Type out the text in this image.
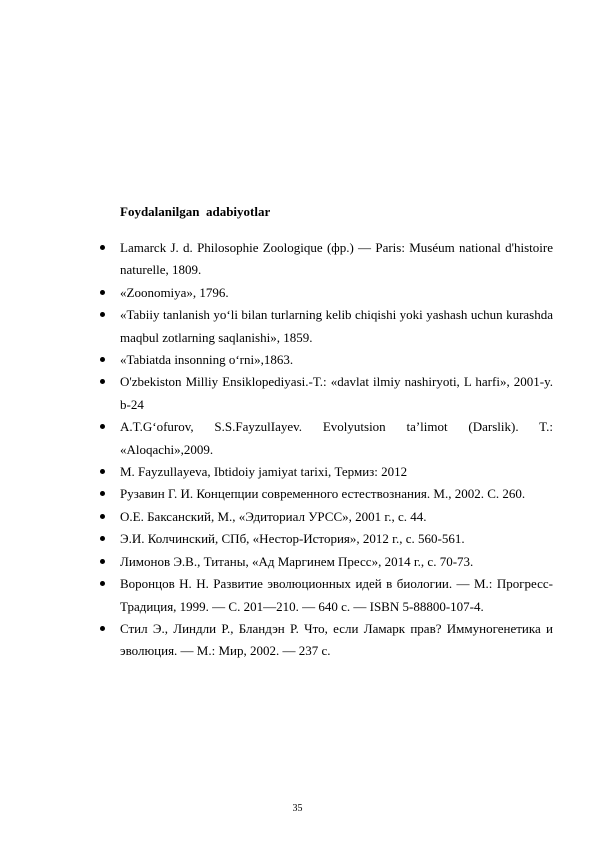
Foydalanilgan  adabiyotlar
Lamarck J. d. Philosophie Zoologique (фр.) — Paris: Muséum national d'histoire naturelle, 1809.
«Zoonomiya», 1796.
«Tabiiy tanlanish yo‘li bilan turlarning kelib chiqishi yoki yashash uchun kurashda maqbul zotlarning saqlanishi», 1859.
«Tabiatda insonning o‘rni»,1863.
O'zbekiston Milliy Ensiklopediyasi.-T.: «davlat ilmiy nashiryoti, L harfi», 2001-y. b-24
A.T.G‘ofurov, S.S.FayzulIayev. Evolyutsion ta’limot (Darslik). T.: «Aloqachi»,2009.
M. Fayzullayeva, Ibtidoiy jamiyat tarixi, Термиз: 2012
Рузавин Г. И. Концепции современного естествознания. М., 2002. С. 260.
О.Е. Баксанский, М., «Эдиториал УРСС», 2001 г., с. 44.
Э.И. Колчинский, СПб, «Нестор-История», 2012 г., с. 560-561.
Лимонов Э.В., Титаны, «Ад Маргинем Пресс», 2014 г., с. 70-73.
Воронцов Н. Н. Развитие эволюционных идей в биологии. — М.: Прогресс-Традиция, 1999. — С. 201—210. — 640 с. — ISBN 5-88800-107-4.
Стил Э., Линдли Р., Бландэн Р. Что, если Ламарк прав? Иммуногенетика и эволюция. — М.: Мир, 2002. — 237 с.
35
